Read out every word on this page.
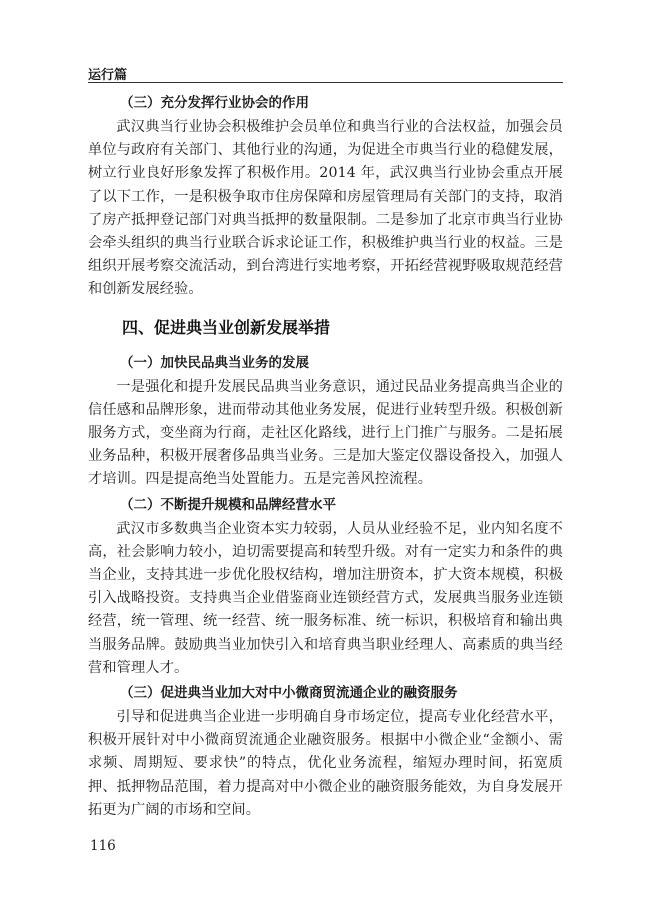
运行篇

（三）充分发挥行业协会的作用

武汉典当行业协会积极维护会员单位和典当行业的合法权益，加强会员单位与政府有关部门、其他行业的沟通，为促进全市典当行业的稳健发展，树立行业良好形象发挥了积极作用。2014 年，武汉典当行业协会重点开展了以下工作，一是积极争取市住房保障和房屋管理局有关部门的支持，取消了房产抵押登记部门对典当抵押的数量限制。二是参加了北京市典当行业协会牵头组织的典当行业联合诉求论证工作，积极维护典当行业的权益。三是组织开展考察交流活动，到台湾进行实地考察，开拓经营视野吸取规范经营和创新发展经验。

四、促进典当业创新发展举措

（一）加快民品典当业务的发展

一是强化和提升发展民品典当业务意识，通过民品业务提高典当企业的信任感和品牌形象，进而带动其他业务发展，促进行业转型升级。积极创新服务方式，变坐商为行商，走社区化路线，进行上门推广与服务。二是拓展业务品种，积极开展奢侈品典当业务。三是加大鉴定仪器设备投入，加强人才培训。四是提高绝当处置能力。五是完善风控流程。

（二）不断提升规模和品牌经营水平

武汉市多数典当企业资本实力较弱，人员从业经验不足，业内知名度不高，社会影响力较小，迫切需要提高和转型升级。对有一定实力和条件的典当企业，支持其进一步优化股权结构，增加注册资本，扩大资本规模，积极引入战略投资。支持典当企业借鉴商业连锁经营方式，发展典当服务业连锁经营，统一管理、统一经营、统一服务标准、统一标识，积极培育和输出典当服务品牌。鼓励典当业加快引入和培育典当职业经理人、高素质的典当经营和管理人才。

（三）促进典当业加大对中小微商贸流通企业的融资服务

引导和促进典当企业进一步明确自身市场定位，提高专业化经营水平，积极开展针对中小微商贸流通企业融资服务。根据中小微企业“金额小、需求频、周期短、要求快”的特点，优化业务流程，缩短办理时间，拓宽质押、抵押物品范围，着力提高对中小微企业的融资服务能效，为自身发展开拓更为广阔的市场和空间。

116
